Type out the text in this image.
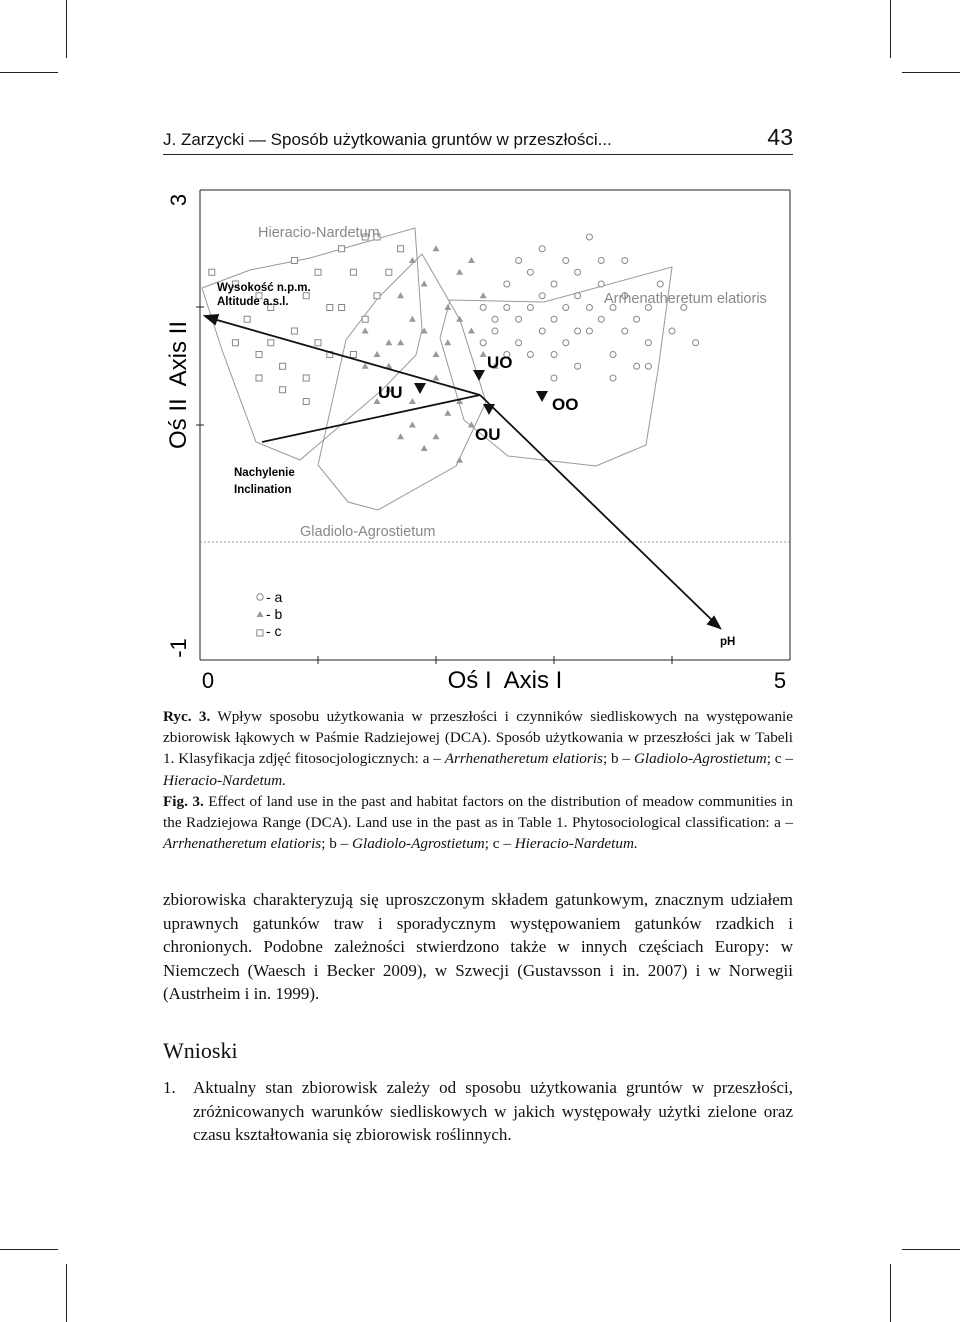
J. Zarzycki — Sposób użytkowania gruntów w przeszłości...	43
3
-1
Oś II  Axis II
0	5
Oś I  Axis I
UU
UO
OU
OO
Hieracio-Nardetum
Arrhenatheretum elatioris
Gladiolo-Agrostietum
Wysokość n.p.m.
Altitude a.s.l.
Nachylenie
Inclination
pH
- a
- b
- c

Ryc. 3. Wpływ sposobu użytkowania w przeszłości i czynników siedliskowych na występowanie zbiorowisk łąkowych w Paśmie Radziejowej (DCA). Sposób użytkowania w przeszłości jak w Tabeli 1. Klasyfikacja zdjęć fitosocjologicznych: a – Arrhenatheretum elatioris; b – Gladiolo-Agrostietum; c – Hieracio-Nardetum.

Fig. 3. Effect of land use in the past and habitat factors on the distribution of meadow communities in the Radziejowa Range (DCA). Land use in the past as in Table 1. Phytosociological classification: a – Arrhenatheretum elatioris; b – Gladiolo-Agrostietum; c – Hieracio-Nardetum.

zbiorowiska charakteryzują się uproszczonym składem gatunkowym, znacznym udziałem uprawnych gatunków traw i sporadycznym występowaniem gatunków rzadkich i chronionych. Podobne zależności stwierdzono także w innych częściach Europy: w Niemczech (Waesch i Becker 2009), w Szwecji (Gustavsson i in. 2007) i w Norwegii (Austrheim i in. 1999).

Wnioski
1. Aktualny stan zbiorowisk zależy od sposobu użytkowania gruntów w przeszłości, zróżnicowanych warunków siedliskowych w jakich występowały użytki zielone oraz czasu kształtowania się zbiorowisk roślinnych.
